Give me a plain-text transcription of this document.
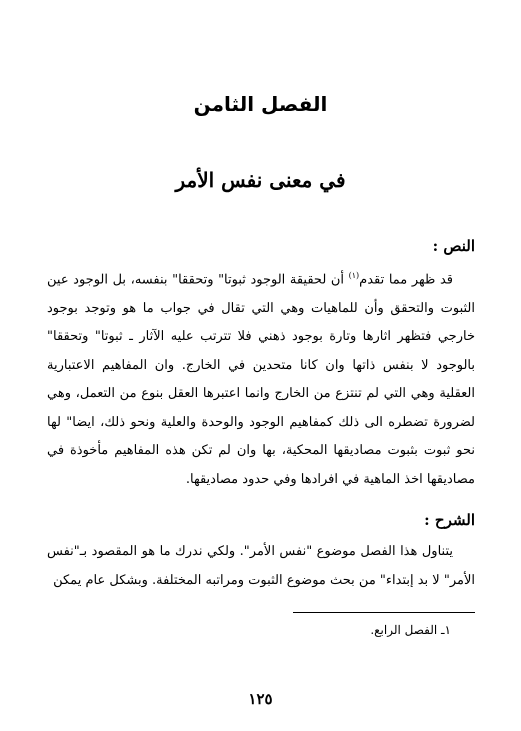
الفصل الثامن
في معنى نفس الأمر
النص :

قد ظهر مما تقدم$^{(١)}$ أن لحقيقة الوجود ثبوتا" وتحققا" بنفسه، بل الوجود عين الثبوت والتحقق وأن للماهيات وهي التي تقال في جواب ما هو وتوجد بوجود خارجي فتظهر اثارها وتارة بوجود ذهني فلا تترتب عليه الآثار ـ ثبوتا" وتحققا" بالوجود لا بنفس ذاتها وان كانا متحدين في الخارج. وان المفاهيم الاعتبارية العقلية وهي التي لم تنتزع من الخارج وانما اعتبرها العقل بنوع من التعمل، وهي لضرورة تضطره الى ذلك كمفاهيم الوجود والوحدة والعلية ونحو ذلك، ايضا" لها نحو ثبوت بثبوت مصاديقها المحكية، بها وان لم تكن هذه المفاهيم مأخوذة في مصاديقها اخذ الماهية في افرادها وفي حدود مصاديقها.

الشرح :

يتناول هذا الفصل موضوع "نفس الأمر". ولكي ندرك ما هو المقصود بـ"نفس الأمر" لا بد إبتداء" من بحث موضوع الثبوت ومراتبه المختلفة. وبشكل عام يمكن

١ـ الفصل الرابع.
١٢٥
